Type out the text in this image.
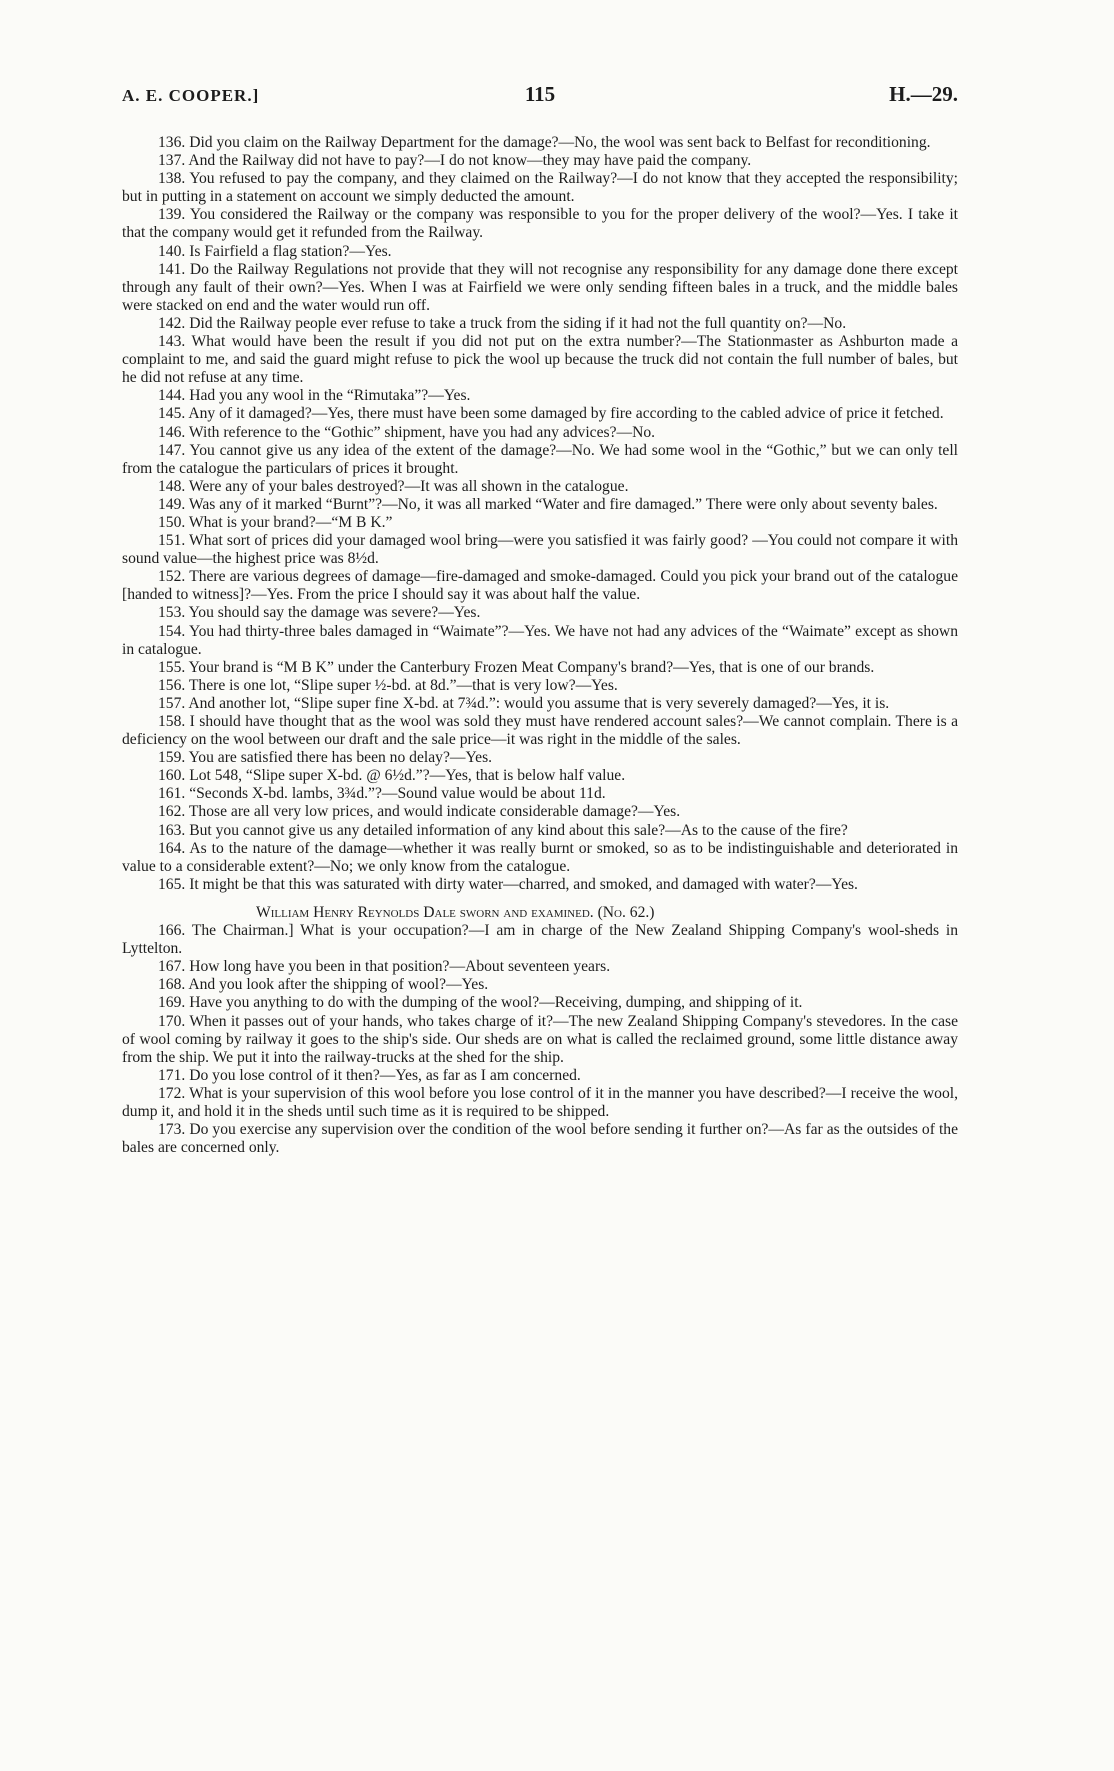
A. E. COOPER.]	115	H.—29.

136. Did you claim on the Railway Department for the damage?—No, the wool was sent back to Belfast for reconditioning.

137. And the Railway did not have to pay?—I do not know—they may have paid the company.

138. You refused to pay the company, and they claimed on the Railway?—I do not know that they accepted the responsibility; but in putting in a statement on account we simply deducted the amount.

139. You considered the Railway or the company was responsible to you for the proper delivery of the wool?—Yes. I take it that the company would get it refunded from the Railway.

140. Is Fairfield a flag station?—Yes.

141. Do the Railway Regulations not provide that they will not recognise any responsibility for any damage done there except through any fault of their own?—Yes. When I was at Fairfield we were only sending fifteen bales in a truck, and the middle bales were stacked on end and the water would run off.

142. Did the Railway people ever refuse to take a truck from the siding if it had not the full quantity on?—No.

143. What would have been the result if you did not put on the extra number?—The Stationmaster as Ashburton made a complaint to me, and said the guard might refuse to pick the wool up because the truck did not contain the full number of bales, but he did not refuse at any time.

144. Had you any wool in the “Rimutaka”?—Yes.

145. Any of it damaged?—Yes, there must have been some damaged by fire according to the cabled advice of price it fetched.

146. With reference to the “Gothic” shipment, have you had any advices?—No.

147. You cannot give us any idea of the extent of the damage?—No. We had some wool in the “Gothic,” but we can only tell from the catalogue the particulars of prices it brought.

148. Were any of your bales destroyed?—It was all shown in the catalogue.

149. Was any of it marked “Burnt”?—No, it was all marked “Water and fire damaged.” There were only about seventy bales.

150. What is your brand?—“M B K.”

151. What sort of prices did your damaged wool bring—were you satisfied it was fairly good? —You could not compare it with sound value—the highest price was 8½d.

152. There are various degrees of damage—fire-damaged and smoke-damaged. Could you pick your brand out of the catalogue [handed to witness]?—Yes. From the price I should say it was about half the value.

153. You should say the damage was severe?—Yes.

154. You had thirty-three bales damaged in “Waimate”?—Yes. We have not had any advices of the “Waimate” except as shown in catalogue.

155. Your brand is “M B K” under the Canterbury Frozen Meat Company's brand?—Yes, that is one of our brands.

156. There is one lot, “Slipe super ½-bd. at 8d.”—that is very low?—Yes.

157. And another lot, “Slipe super fine X-bd. at 7¾d.”: would you assume that is very severely damaged?—Yes, it is.

158. I should have thought that as the wool was sold they must have rendered account sales?—We cannot complain. There is a deficiency on the wool between our draft and the sale price—it was right in the middle of the sales.

159. You are satisfied there has been no delay?—Yes.

160. Lot 548, “Slipe super X-bd. @ 6½d.”?—Yes, that is below half value.

161. “Seconds X-bd. lambs, 3¾d.”?—Sound value would be about 11d.

162. Those are all very low prices, and would indicate considerable damage?—Yes.

163. But you cannot give us any detailed information of any kind about this sale?—As to the cause of the fire?

164. As to the nature of the damage—whether it was really burnt or smoked, so as to be indistinguishable and deteriorated in value to a considerable extent?—No; we only know from the catalogue.

165. It might be that this was saturated with dirty water—charred, and smoked, and damaged with water?—Yes.

William Henry Reynolds Dale sworn and examined. (No. 62.)

166. The Chairman.] What is your occupation?—I am in charge of the New Zealand Shipping Company's wool-sheds in Lyttelton.

167. How long have you been in that position?—About seventeen years.

168. And you look after the shipping of wool?—Yes.

169. Have you anything to do with the dumping of the wool?—Receiving, dumping, and shipping of it.

170. When it passes out of your hands, who takes charge of it?—The new Zealand Shipping Company's stevedores. In the case of wool coming by railway it goes to the ship's side. Our sheds are on what is called the reclaimed ground, some little distance away from the ship. We put it into the railway-trucks at the shed for the ship.

171. Do you lose control of it then?—Yes, as far as I am concerned.

172. What is your supervision of this wool before you lose control of it in the manner you have described?—I receive the wool, dump it, and hold it in the sheds until such time as it is required to be shipped.

173. Do you exercise any supervision over the condition of the wool before sending it further on?—As far as the outsides of the bales are concerned only.
